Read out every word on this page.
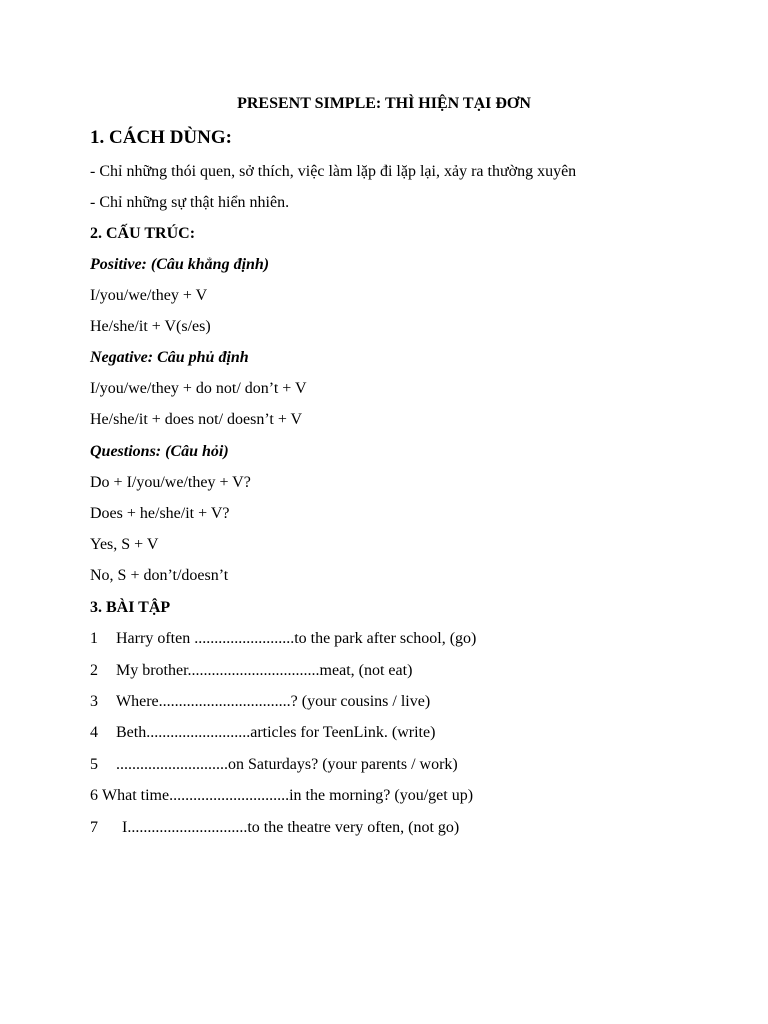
PRESENT SIMPLE: THÌ HIỆN TẠI ĐƠN
1. CÁCH DÙNG:
- Chỉ những thói quen, sở thích, việc làm lặp đi lặp lại, xảy ra thường xuyên
- Chỉ những sự thật hiển nhiên.
2. CẤU TRÚC:
Positive: (Câu khẳng định)
I/you/we/they + V
He/she/it + V(s/es)
Negative: Câu phủ định
I/you/we/they + do not/ don’t + V
He/she/it + does not/ doesn’t + V
Questions: (Câu hỏi)
Do + I/you/we/they + V?
Does + he/she/it + V?
Yes, S + V
No, S + don’t/doesn’t
3. BÀI TẬP
1 Harry often .........................to the park after school, (go)
2 My brother.................................meat, (not eat)
3 Where.................................? (your cousins / live)
4 Beth..........................articles for TeenLink. (write)
5 ............................on Saturdays? (your parents / work)
6 What time..............................in the morning? (you/get up)
7 I..............................to the theatre very often, (not go)
